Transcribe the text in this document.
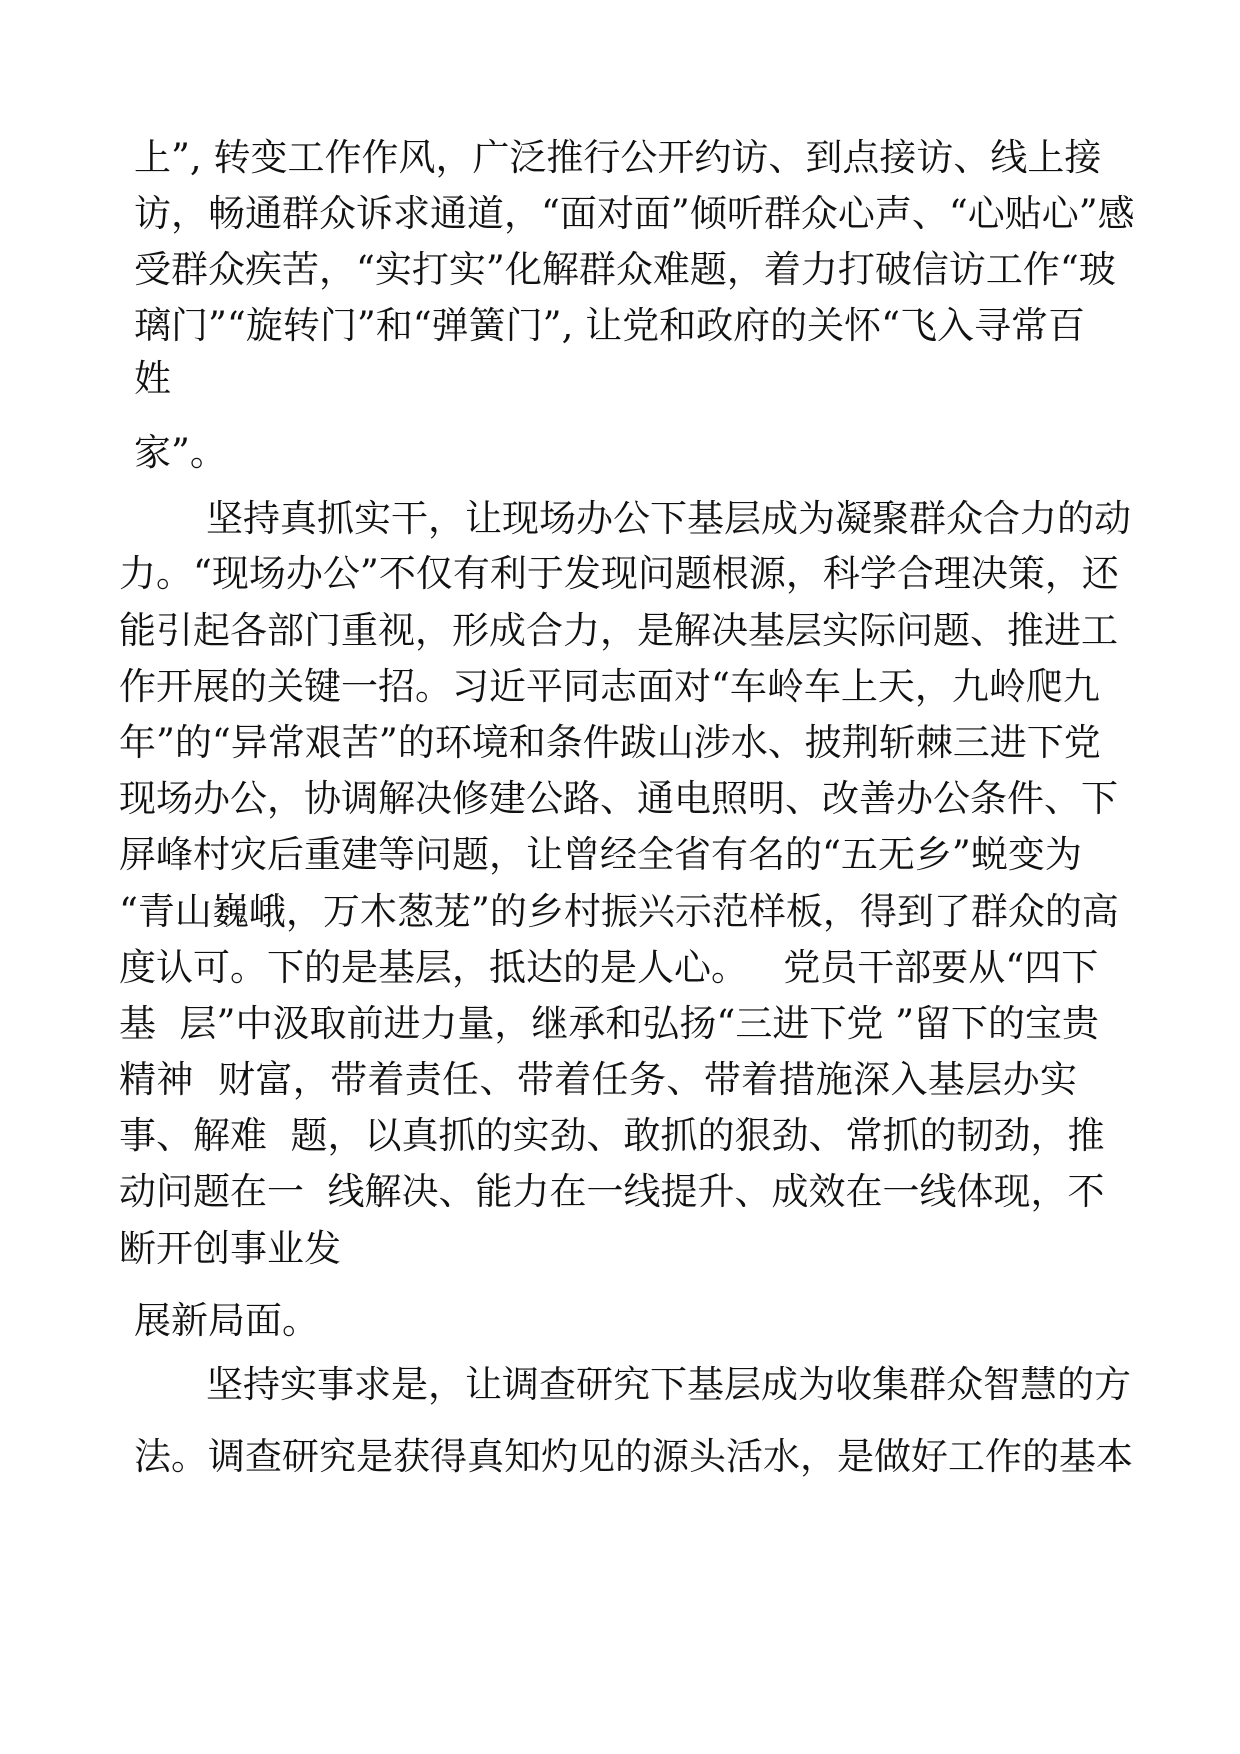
上”, 转变工作作风，广泛推行公开约访、到点接访、线上接
访，畅通群众诉求通道，“面对面”倾听群众心声、“心贴心”感
受群众疾苦，“实打实”化解群众难题，着力打破信访工作“玻
璃门”“旋转门”和“弹簧门”, 让党和政府的关怀“飞入寻常百
姓
家”。
坚持真抓实干，让现场办公下基层成为凝聚群众合力的动
力。“现场办公”不仅有利于发现问题根源，科学合理决策，还
能引起各部门重视，形成合力，是解决基层实际问题、推进工
作开展的关键一招。习近平同志面对“车岭车上天，九岭爬九
年”的“异常艰苦”的环境和条件跋山涉水、披荆斩棘三进下党
现场办公，协调解决修建公路、通电照明、改善办公条件、下
屏峰村灾后重建等问题，让曾经全省有名的“五无乡”蜕变为
“青山巍峨，万木葱茏”的乡村振兴示范样板，得到了群众的高
度认可。下的是基层，抵达的是人心。   党员干部要从“四下
基  层”中汲取前进力量，继承和弘扬“三进下党 ”留下的宝贵
精神  财富，带着责任、带着任务、带着措施深入基层办实
事、解难  题，以真抓的实劲、敢抓的狠劲、常抓的韧劲，推
动问题在一  线解决、能力在一线提升、成效在一线体现，不
断开创事业发
展新局面。
坚持实事求是，让调查研究下基层成为收集群众智慧的方
法。调查研究是获得真知灼见的源头活水，是做好工作的基本
